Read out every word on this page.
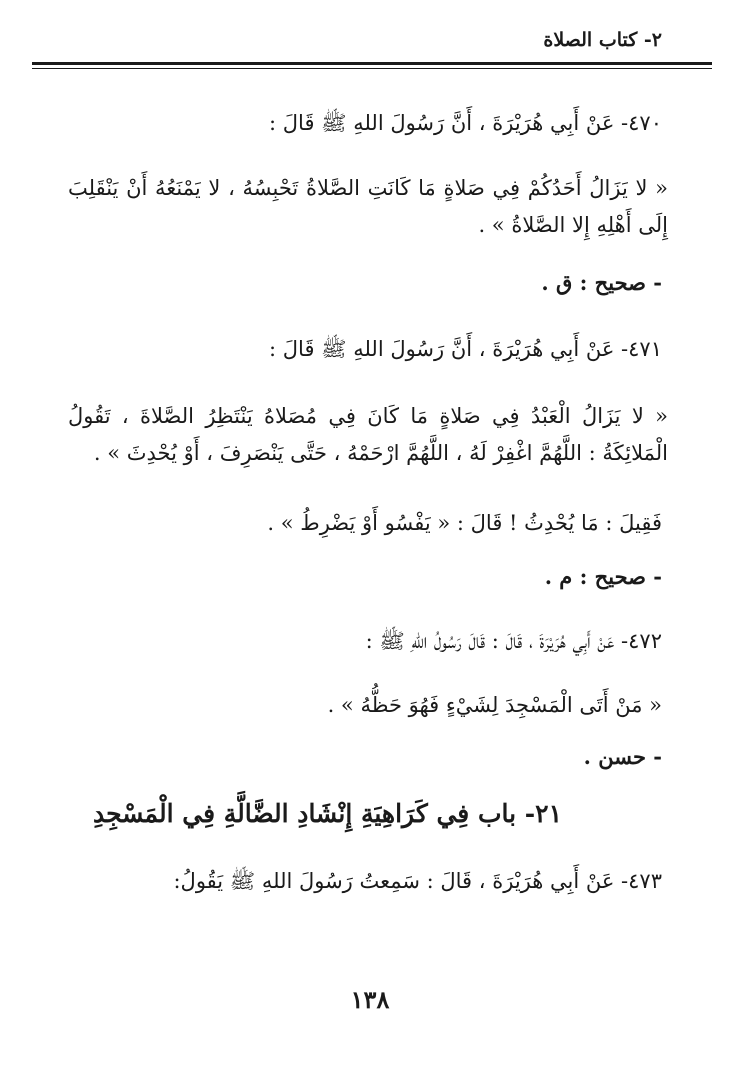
٢- كتاب الصلاة
٤٧٠- عَنْ أَبِي هُرَيْرَةَ ، أَنَّ رَسُولَ اللهِ ﷺ قَالَ :
« لا يَزَالُ أَحَدُكُمْ فِي صَلاةٍ مَا كَانَتِ الصَّلاةُ تَحْبِسُهُ ، لا يَمْنَعُهُ أَنْ يَنْقَلِبَ إِلَى أَهْلِهِ إِلا الصَّلاةُ » .
- صحيح : ق .
٤٧١- عَنْ أَبِي هُرَيْرَةَ ، أَنَّ رَسُولَ اللهِ ﷺ قَالَ :
« لا يَزَالُ الْعَبْدُ فِي صَلاةٍ مَا كَانَ فِي مُصَلاهُ يَنْتَظِرُ الصَّلاةَ ، تَقُولُ الْمَلائِكَةُ : اللَّهُمَّ اغْفِرْ لَهُ ، اللَّهُمَّ ارْحَمْهُ ، حَتَّى يَنْصَرِفَ ، أَوْ يُحْدِثَ » .
فَقِيلَ : مَا يُحْدِثُ ! قَالَ : « يَفْسُو أَوْ يَضْرِطُ » .
- صحيح : م .
٤٧٢- عَنْ أَبِي هُرَيْرَةَ ، قَالَ : قَالَ رَسُولُ اللهِ ﷺ :
« مَنْ أَتَى الْمَسْجِدَ لِشَيْءٍ فَهُوَ حَظُّهُ » .
- حسن .
٢١- باب فِي كَرَاهِيَةِ إِنْشَادِ الضَّالَّةِ فِي الْمَسْجِدِ
٤٧٣- عَنْ أَبِي هُرَيْرَةَ ، قَالَ : سَمِعتُ رَسُولَ اللهِ ﷺ يَقُولُ:
١٣٨
